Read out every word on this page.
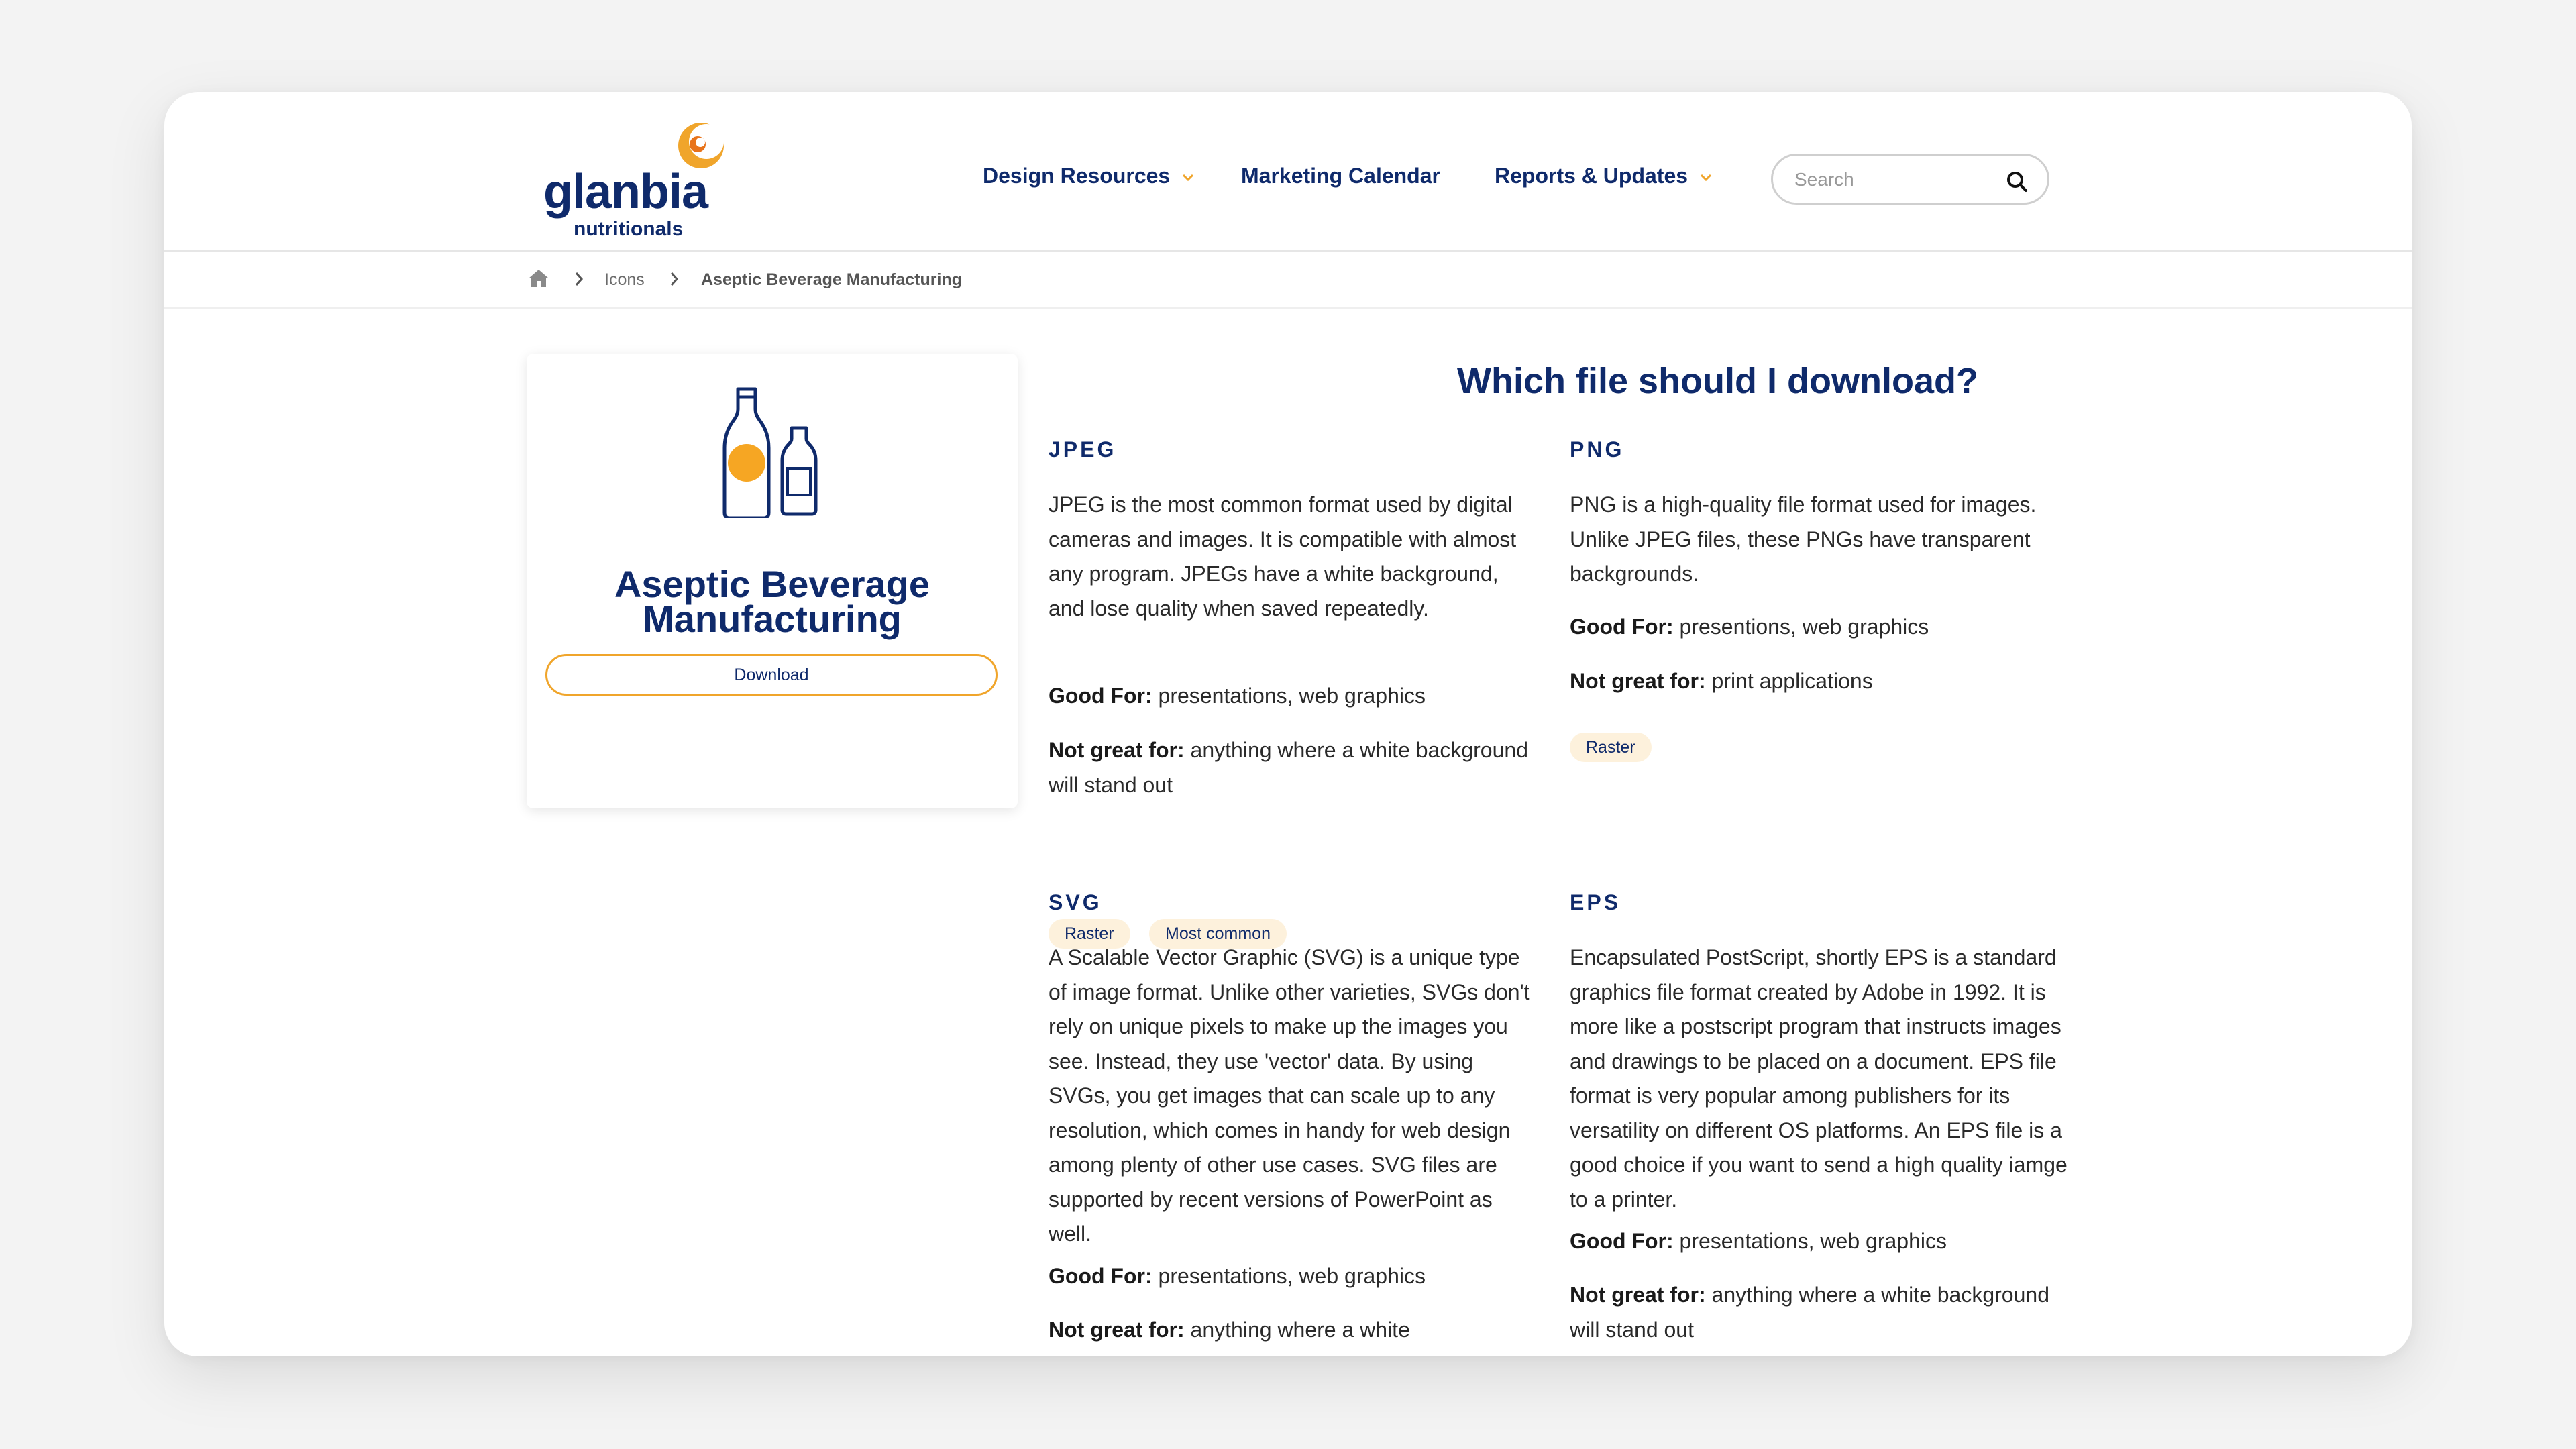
glanbia
nutritionals
Design Resources	Marketing Calendar	Reports & Updates
Search
Icons	Aseptic Beverage Manufacturing
Aseptic Beverage Manufacturing
Download
Which file should I download?
JPEG

JPEG is the most common format used by digital cameras and images. It is compatible with almost any program. JPEGs have a white background, and lose quality when saved repeatedly.

Good For: presentations, web graphics

Not great for: anything where a white background will stand out

Raster	Most common
PNG

PNG is a high-quality file format used for images. Unlike JPEG files, these PNGs have transparent backgrounds.

Good For: presentions, web graphics

Not great for: print applications

Raster
SVG

A Scalable Vector Graphic (SVG) is a unique type of image format. Unlike other varieties, SVGs don't rely on unique pixels to make up the images you see. Instead, they use 'vector' data. By using SVGs, you get images that can scale up to any resolution, which comes in handy for web design among plenty of other use cases. SVG files are supported by recent versions of PowerPoint as well.

Good For: presentations, web graphics

Not great for: anything where a white

EPS

Encapsulated PostScript, shortly EPS is a standard graphics file format created by Adobe in 1992. It is more like a postscript program that instructs images and drawings to be placed on a document. EPS file format is very popular among publishers for its versatility on different OS platforms. An EPS file is a good choice if you want to send a high quality iamge to a printer.

Good For: presentations, web graphics

Not great for: anything where a white background will stand out
